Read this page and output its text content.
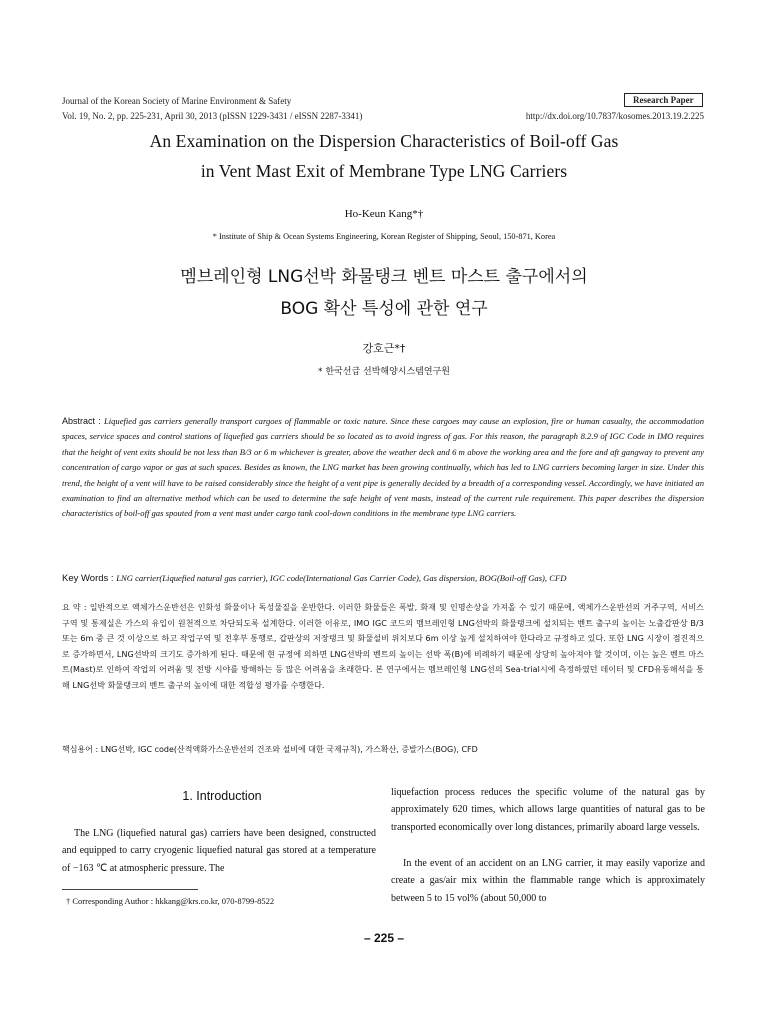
Journal of the Korean Society of Marine Environment & Safety
Vol. 19, No. 2, pp. 225-231, April 30, 2013 (pISSN 1229-3431 / eISSN 2287-3341)
Research Paper
http://dx.doi.org/10.7837/kosomes.2013.19.2.225
An Examination on the Dispersion Characteristics of Boil-off Gas
in Vent Mast Exit of Membrane Type LNG Carriers
Ho-Keun Kang*†
* Institute of Ship & Ocean Systems Engineering, Korean Register of Shipping, Seoul, 150-871, Korea
멤브레인형 LNG선박 화물탱크 벤트 마스트 출구에서의
BOG 확산 특성에 관한 연구
강호근*†
* 한국선급 선박해양시스템연구원
Abstract : Liquefied gas carriers generally transport cargoes of flammable or toxic nature. Since these cargoes may cause an explosion, fire or human casualty, the accommodation spaces, service spaces and control stations of liquefied gas carriers should be so located as to avoid ingress of gas. For this reason, the paragraph 8.2.9 of IGC Code in IMO requires that the height of vent exits should be not less than B/3 or 6 m whichever is greater, above the weather deck and 6 m above the working area and the fore and aft gangway to prevent any concentration of cargo vapor or gas at such spaces. Besides as known, the LNG market has been growing continually, which has led to LNG carriers becoming larger in size. Under this trend, the height of a vent will have to be raised considerably since the height of a vent pipe is generally decided by a breadth of a corresponding vessel. Accordingly, we have initiated an examination to find an alternative method which can be used to determine the safe height of vent masts, instead of the current rule requirement. This paper describes the dispersion characteristics of boil-off gas spouted from a vent mast under cargo tank cool-down conditions in the membrane type LNG carriers.
Key Words : LNG carrier(Liquefied natural gas carrier), IGC code(International Gas Carrier Code), Gas dispersion, BOG(Boil-off Gas), CFD
요 약 : 일반적으로 액체가스운반선은 인화성 화물이나 독성물질을 운반한다. 이러한 화물들은 폭발, 화재 및 인명손상을 가져올 수 있기 때문에, 액체가스운반선의 거주구역, 서비스 구역 및 통제실은 가스의 유입이 원천적으로 차단되도록 설계한다. 이러한 이유로, IMO IGC 코드의 멤브레인형 LNG선박의 화물탱크에 설치되는 벤트 출구의 높이는 노출갑판상 B/3 또는 6m 중 큰 것 이상으로 하고 작업구역 및 전후부 통행로, 갑판상의 저장탱크 및 화물설비 위치보다 6m 이상 높게 설치하여야 한다라고 규정하고 있다. 또한 LNG 시장이 점진적으로 증가하면서, LNG선박의 크기도 증가하게 된다. 때문에 현 규정에 의하면 LNG선박의 벤트의 높이는 선박 폭(B)에 비례하기 때문에 상당히 높아져야 할 것이며, 이는 높은 벤트 마스트(Mast)로 인하여 작업의 어려움 및 전방 시야를 방해하는 등 많은 어려움을 초래한다. 본 연구에서는 멤브레인형 LNG선의 Sea-trial시에 측정하였던 데이터 및 CFD유동해석을 통해 LNG선박 화물탱크의 벤트 출구의 높이에 대한 적합성 평가를 수행한다.
핵심용어 : LNG선박, IGC code(산적액화가스운반선의 건조와 설비에 대한 국제규칙), 가스확산, 증발가스(BOG), CFD
1. Introduction
The LNG (liquefied natural gas) carriers have been designed, constructed and equipped to carry cryogenic liquefied natural gas stored at a temperature of −163 ℃ at atmospheric pressure. The
liquefaction process reduces the specific volume of the natural gas by approximately 620 times, which allows large quantities of natural gas to be transported economically over long distances, primarily aboard large vessels.
In the event of an accident on an LNG carrier, it may easily vaporize and create a gas/air mix within the flammable range which is approximately between 5 to 15 vol% (about 50,000 to
† Corresponding Author : hkkang@krs.co.kr, 070-8799-8522
– 225 –
